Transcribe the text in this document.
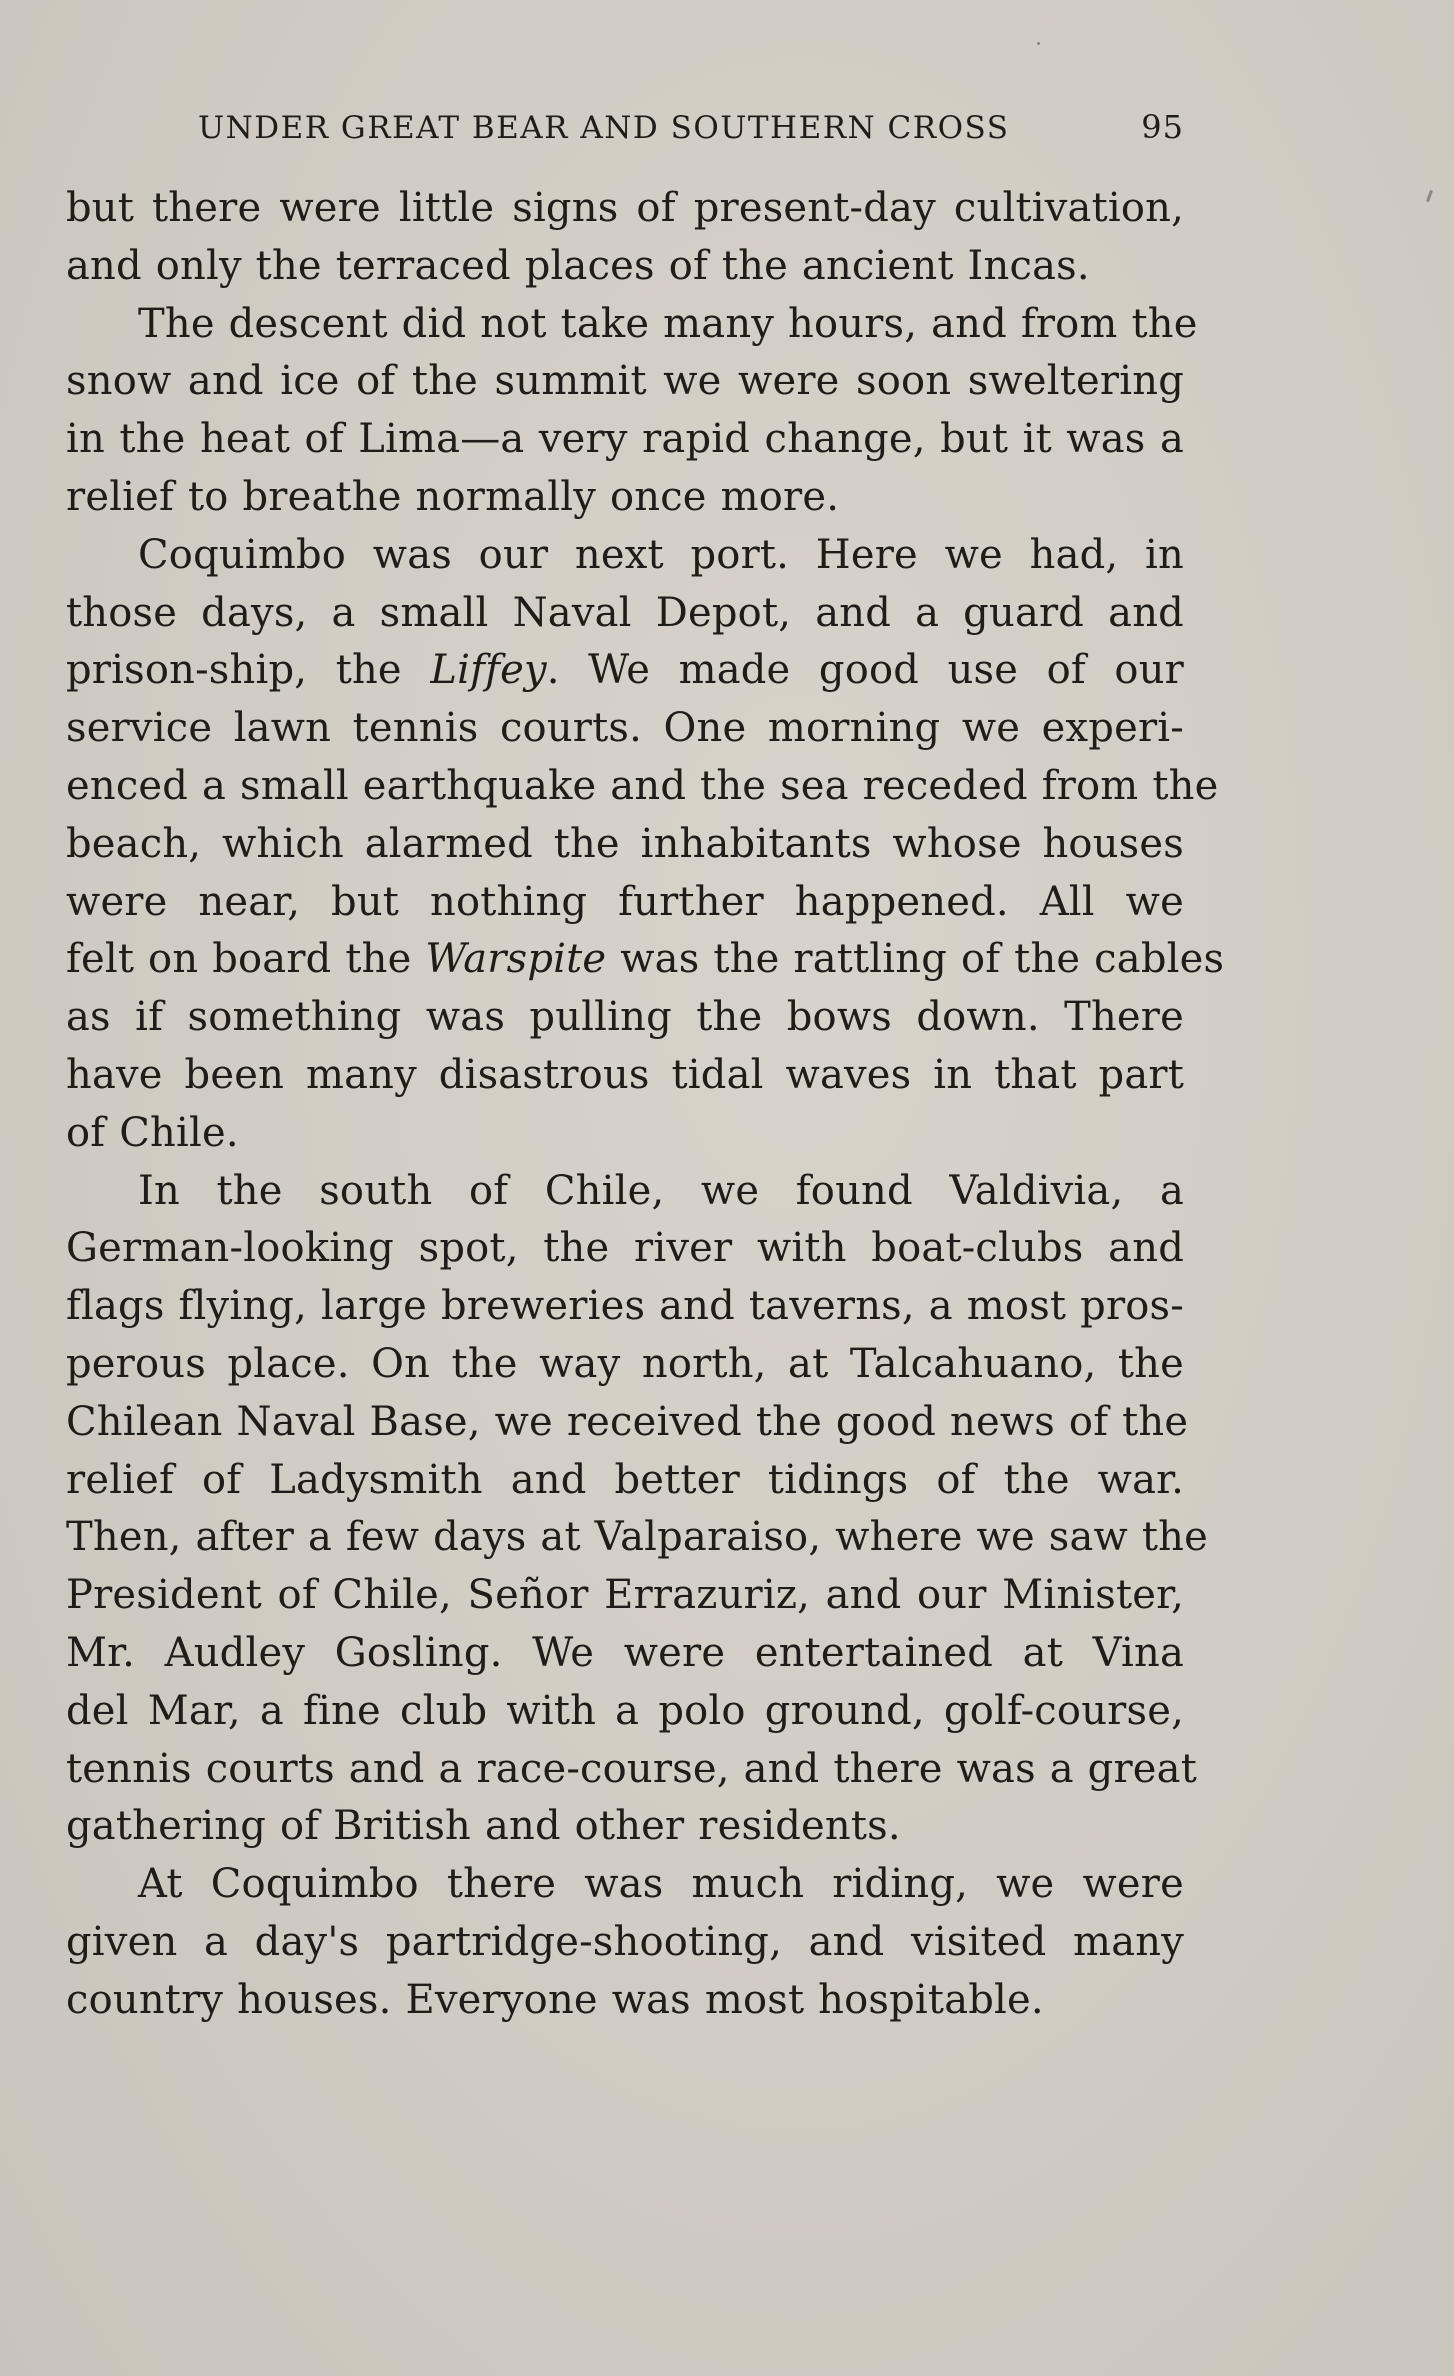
UNDER GREAT BEAR AND SOUTHERN CROSS	95
but there were little signs of present-day cultivation,
and only the terraced places of the ancient Incas.
The descent did not take many hours, and from the
snow and ice of the summit we were soon sweltering
in the heat of Lima—a very rapid change, but it was a
relief to breathe normally once more.
Coquimbo was our next port. Here we had, in
those days, a small Naval Depot, and a guard and
prison-ship, the Liffey. We made good use of our
service lawn tennis courts. One morning we experi-
enced a small earthquake and the sea receded from the
beach, which alarmed the inhabitants whose houses
were near, but nothing further happened. All we
felt on board the Warspite was the rattling of the cables
as if something was pulling the bows down. There
have been many disastrous tidal waves in that part
of Chile.
In the south of Chile, we found Valdivia, a
German-looking spot, the river with boat-clubs and
flags flying, large breweries and taverns, a most pros-
perous place. On the way north, at Talcahuano, the
Chilean Naval Base, we received the good news of the
relief of Ladysmith and better tidings of the war.
Then, after a few days at Valparaiso, where we saw the
President of Chile, Señor Errazuriz, and our Minister,
Mr. Audley Gosling. We were entertained at Vina
del Mar, a fine club with a polo ground, golf-course,
tennis courts and a race-course, and there was a great
gathering of British and other residents.
At Coquimbo there was much riding, we were
given a day's partridge-shooting, and visited many
country houses. Everyone was most hospitable.
